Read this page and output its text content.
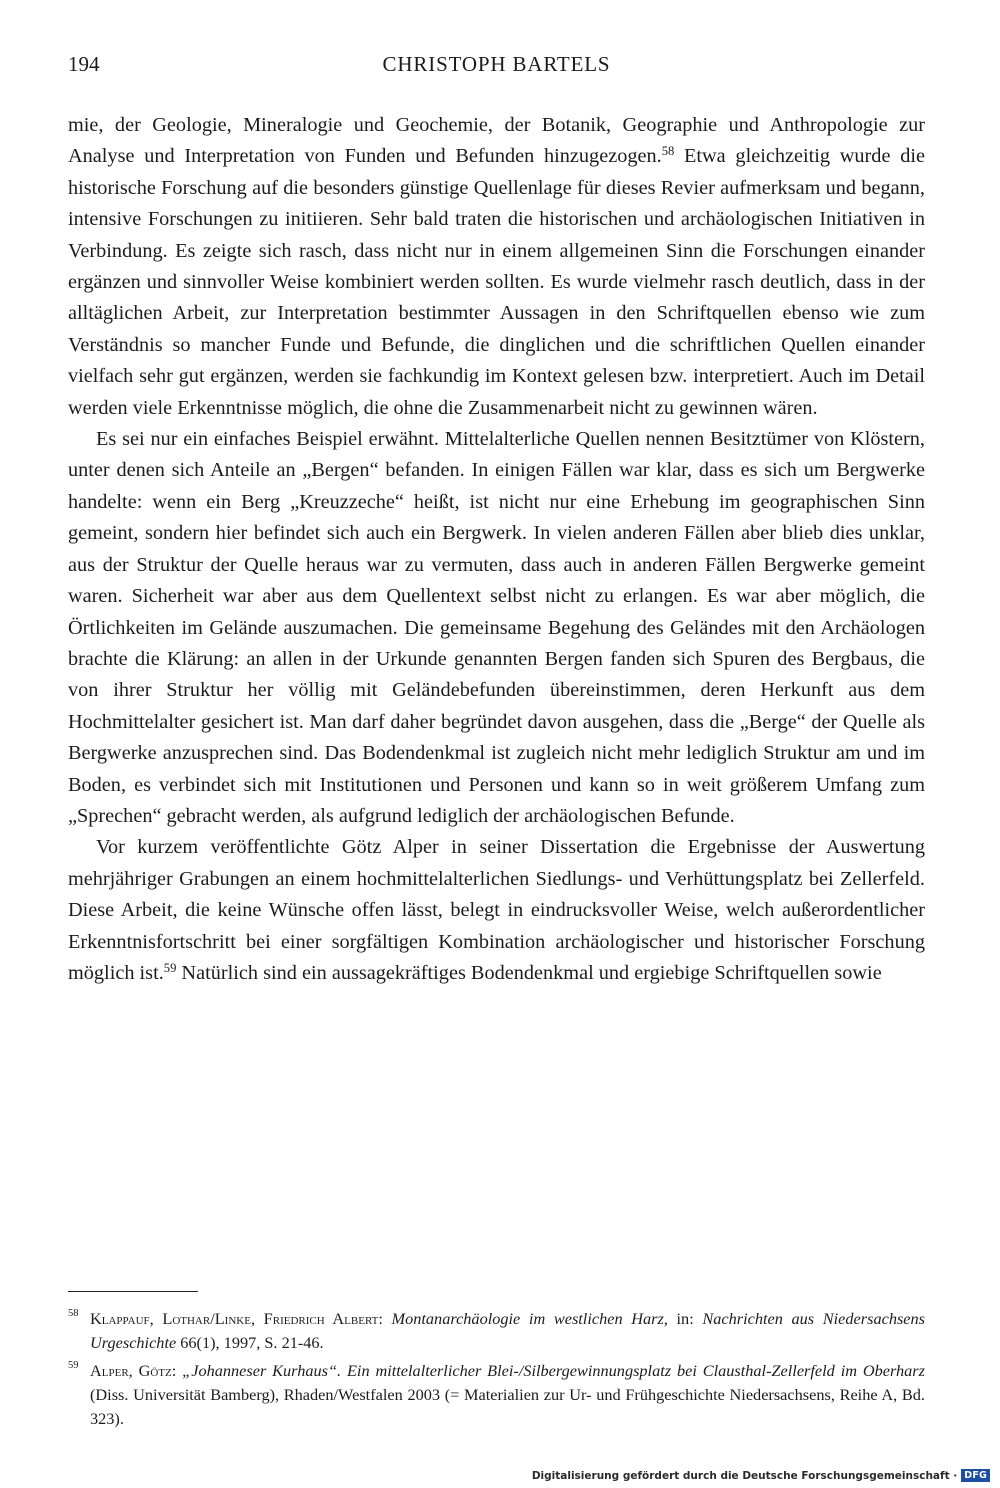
194	CHRISTOPH BARTELS

mie, der Geologie, Mineralogie und Geochemie, der Botanik, Geographie und Anthropologie zur Analyse und Interpretation von Funden und Befunden hinzugezogen.$^{58}$ Etwa gleichzeitig wurde die historische Forschung auf die besonders günstige Quellenlage für dieses Revier aufmerksam und begann, intensive Forschungen zu initiieren. Sehr bald traten die historischen und archäologischen Initiativen in Verbindung. Es zeigte sich rasch, dass nicht nur in einem allgemeinen Sinn die Forschungen einander ergänzen und sinnvoller Weise kombiniert werden sollten. Es wurde vielmehr rasch deutlich, dass in der alltäglichen Arbeit, zur Interpretation bestimmter Aussagen in den Schriftquellen ebenso wie zum Verständnis so mancher Funde und Befunde, die dinglichen und die schriftlichen Quellen einander vielfach sehr gut ergänzen, werden sie fachkundig im Kontext gelesen bzw. interpretiert. Auch im Detail werden viele Erkenntnisse möglich, die ohne die Zusammenarbeit nicht zu gewinnen wären.

Es sei nur ein einfaches Beispiel erwähnt. Mittelalterliche Quellen nennen Besitztümer von Klöstern, unter denen sich Anteile an „Bergen“ befanden. In einigen Fällen war klar, dass es sich um Bergwerke handelte: wenn ein Berg „Kreuzzeche“ heißt, ist nicht nur eine Erhebung im geographischen Sinn gemeint, sondern hier befindet sich auch ein Bergwerk. In vielen anderen Fällen aber blieb dies unklar, aus der Struktur der Quelle heraus war zu vermuten, dass auch in anderen Fällen Bergwerke gemeint waren. Sicherheit war aber aus dem Quellentext selbst nicht zu erlangen. Es war aber möglich, die Örtlichkeiten im Gelände auszumachen. Die gemeinsame Begehung des Geländes mit den Archäologen brachte die Klärung: an allen in der Urkunde genannten Bergen fanden sich Spuren des Bergbaus, die von ihrer Struktur her völlig mit Geländebefunden übereinstimmen, deren Herkunft aus dem Hochmittelalter gesichert ist. Man darf daher begründet davon ausgehen, dass die „Berge“ der Quelle als Bergwerke anzusprechen sind. Das Bodendenkmal ist zugleich nicht mehr lediglich Struktur am und im Boden, es verbindet sich mit Institutionen und Personen und kann so in weit größerem Umfang zum „Sprechen“ gebracht werden, als aufgrund lediglich der archäologischen Befunde.

Vor kurzem veröffentlichte Götz Alper in seiner Dissertation die Ergebnisse der Auswertung mehrjähriger Grabungen an einem hochmittelalterlichen Siedlungs- und Verhüttungsplatz bei Zellerfeld. Diese Arbeit, die keine Wünsche offen lässt, belegt in eindrucksvoller Weise, welch außerordentlicher Erkenntnisfortschritt bei einer sorgfältigen Kombination archäologischer und historischer Forschung möglich ist.$^{59}$ Natürlich sind ein aussagekräftiges Bodendenkmal und ergiebige Schriftquellen sowie

58 Klappauf, Lothar/Linke, Friedrich Albert: Montanarchäologie im westlichen Harz, in: Nachrichten aus Niedersachsens Urgeschichte 66(1), 1997, S. 21-46.
59 Alper, Götz: „Johanneser Kurhaus“. Ein mittelalterlicher Blei-/Silbergewinnungsplatz bei Clausthal-Zellerfeld im Oberharz (Diss. Universität Bamberg), Rhaden/Westfalen 2003 (= Materialien zur Ur- und Frühgeschichte Niedersachsens, Reihe A, Bd. 323).
Digitalisierung gefördert durch die Deutsche Forschungsgemeinschaft · DFG
